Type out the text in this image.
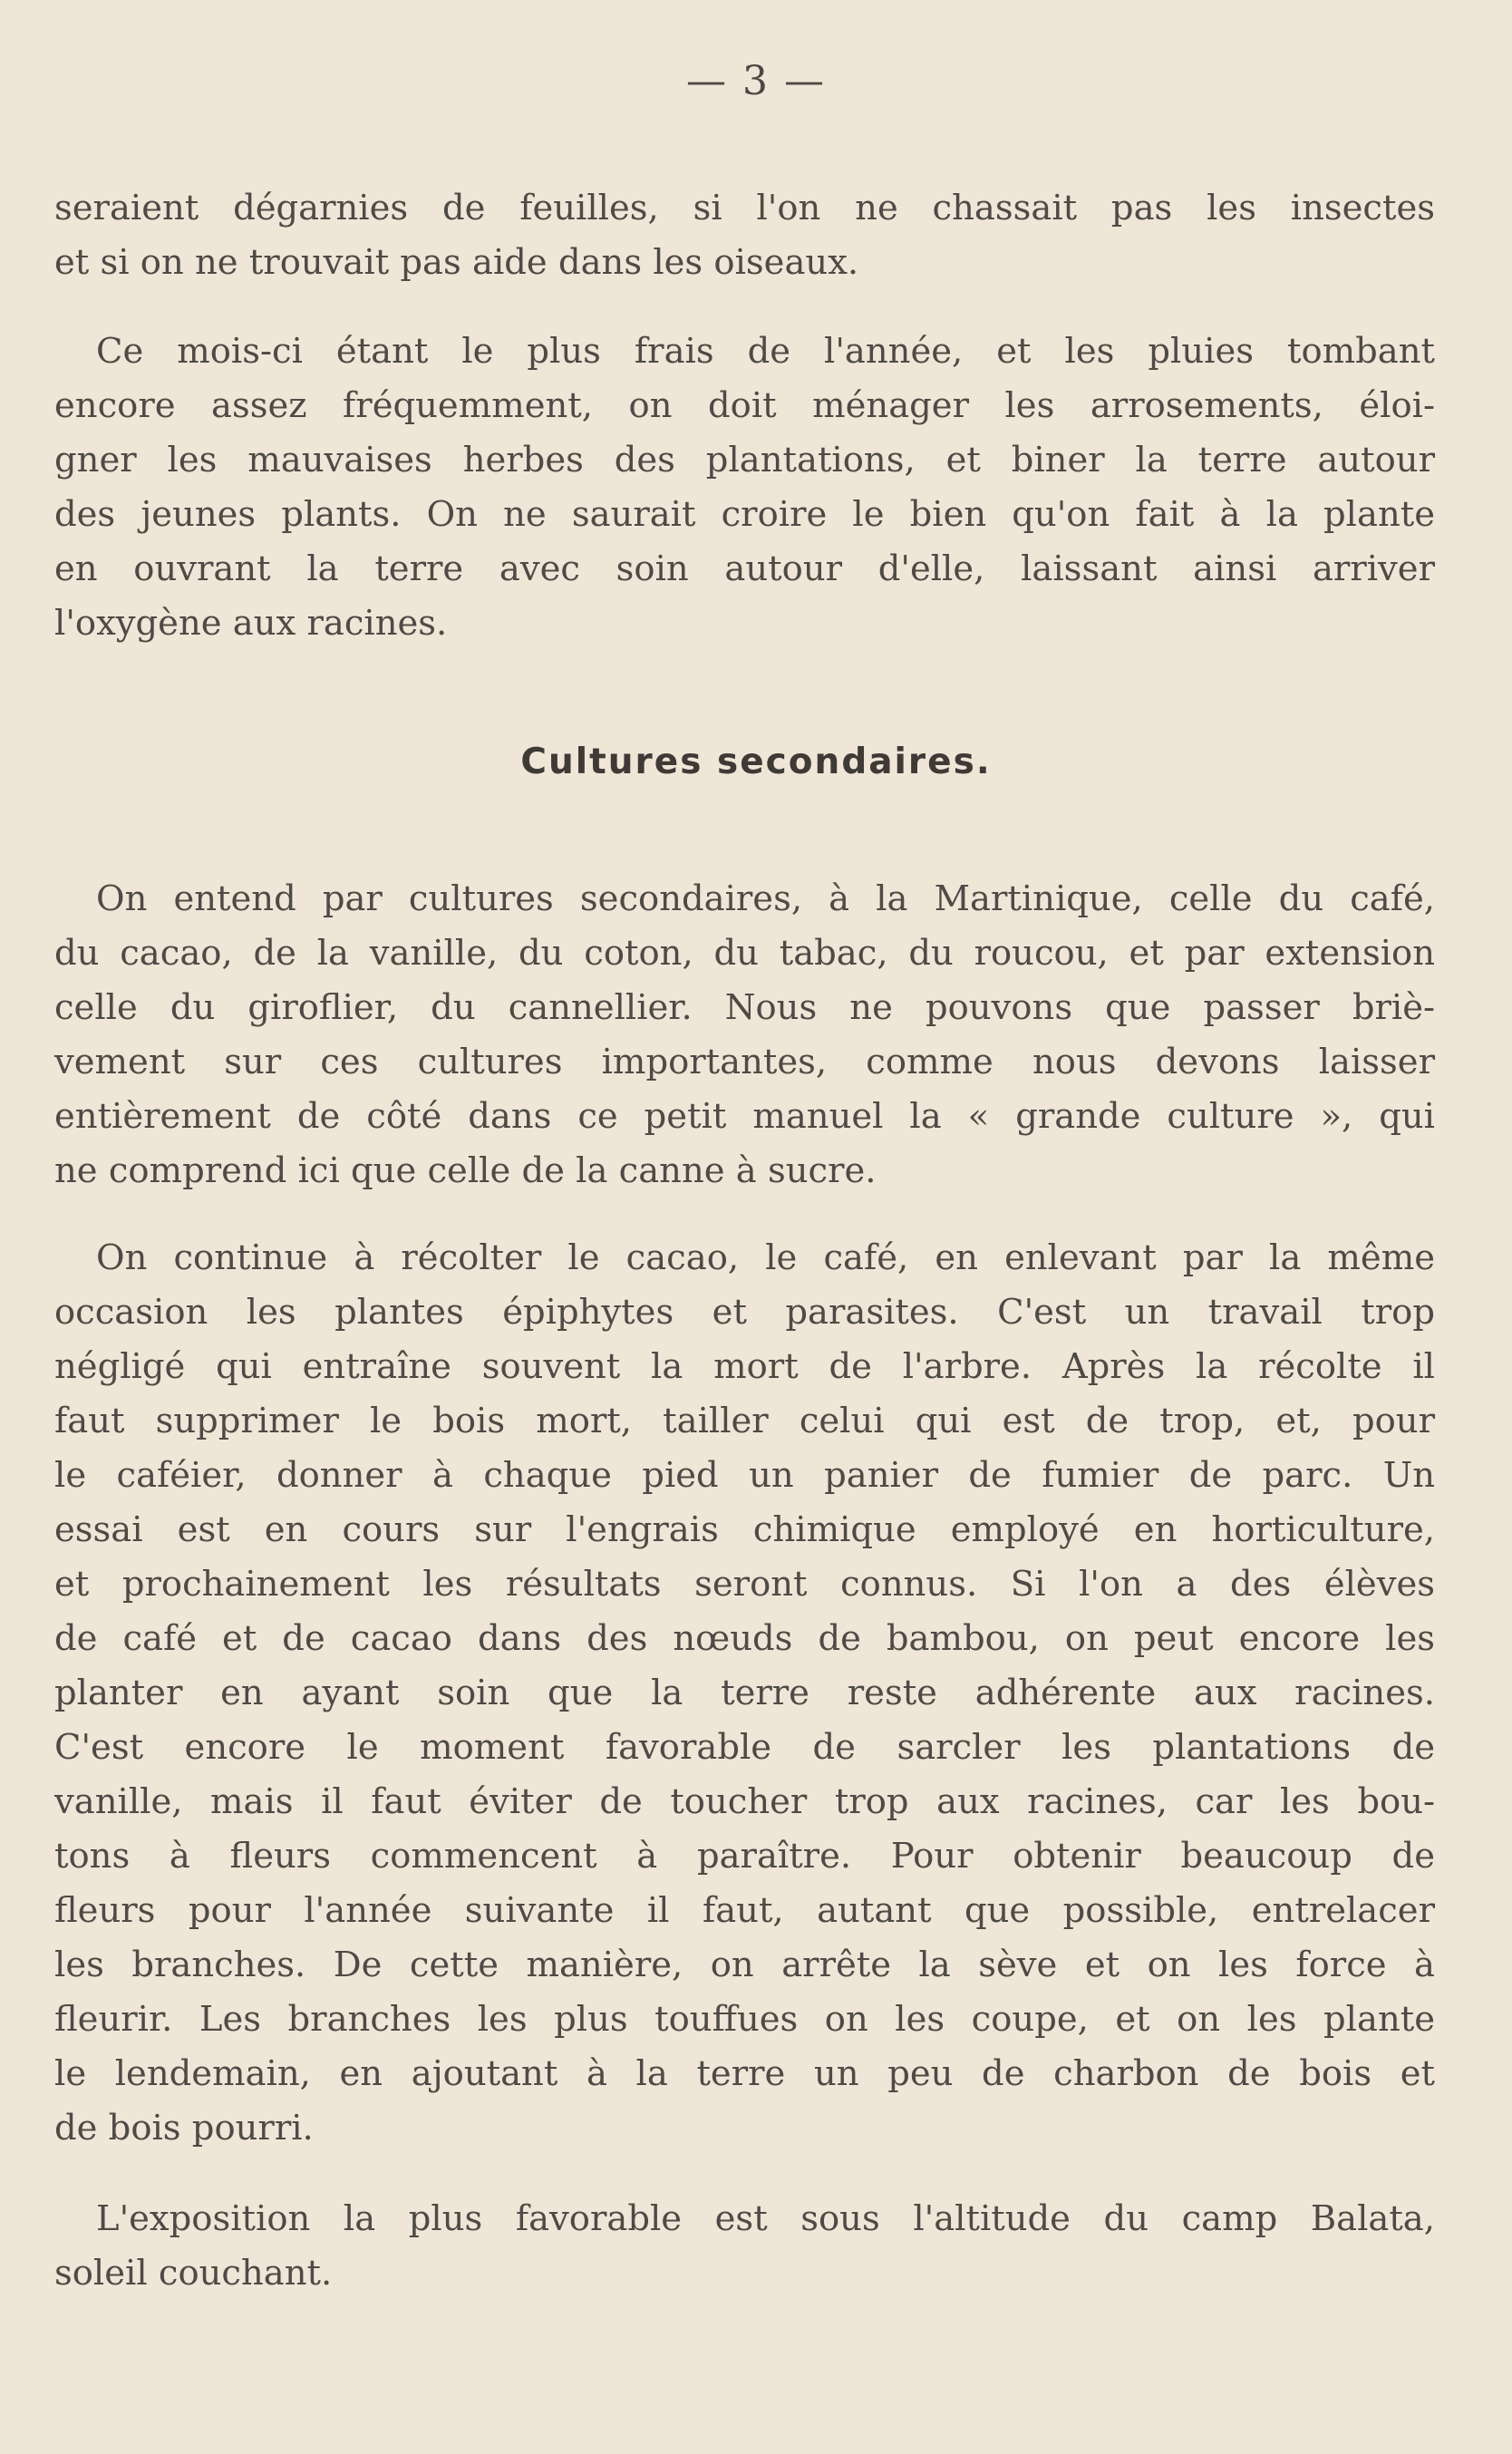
— 3 —
seraient dégarnies de feuilles, si l'on ne chassait pas les insectes
et si on ne trouvait pas aide dans les oiseaux.
Ce mois-ci étant le plus frais de l'année, et les pluies tombant
encore assez fréquemment, on doit ménager les arrosements, éloi-
gner les mauvaises herbes des plantations, et biner la terre autour
des jeunes plants. On ne saurait croire le bien qu'on fait à la plante
en ouvrant la terre avec soin autour d'elle, laissant ainsi arriver
l'oxygène aux racines.
Cultures secondaires.
On entend par cultures secondaires, à la Martinique, celle du café,
du cacao, de la vanille, du coton, du tabac, du roucou, et par extension
celle du giroflier, du cannellier. Nous ne pouvons que passer briè-
vement sur ces cultures importantes, comme nous devons laisser
entièrement de côté dans ce petit manuel la « grande culture », qui
ne comprend ici que celle de la canne à sucre.
On continue à récolter le cacao, le café, en enlevant par la même
occasion les plantes épiphytes et parasites. C'est un travail trop
négligé qui entraîne souvent la mort de l'arbre. Après la récolte il
faut supprimer le bois mort, tailler celui qui est de trop, et, pour
le caféier, donner à chaque pied un panier de fumier de parc. Un
essai est en cours sur l'engrais chimique employé en horticulture,
et prochainement les résultats seront connus. Si l'on a des élèves
de café et de cacao dans des nœuds de bambou, on peut encore les
planter en ayant soin que la terre reste adhérente aux racines.
C'est encore le moment favorable de sarcler les plantations de
vanille, mais il faut éviter de toucher trop aux racines, car les bou-
tons à fleurs commencent à paraître. Pour obtenir beaucoup de
fleurs pour l'année suivante il faut, autant que possible, entrelacer
les branches. De cette manière, on arrête la sève et on les force à
fleurir. Les branches les plus touffues on les coupe, et on les plante
le lendemain, en ajoutant à la terre un peu de charbon de bois et
de bois pourri.
L'exposition la plus favorable est sous l'altitude du camp Balata,
soleil couchant.
